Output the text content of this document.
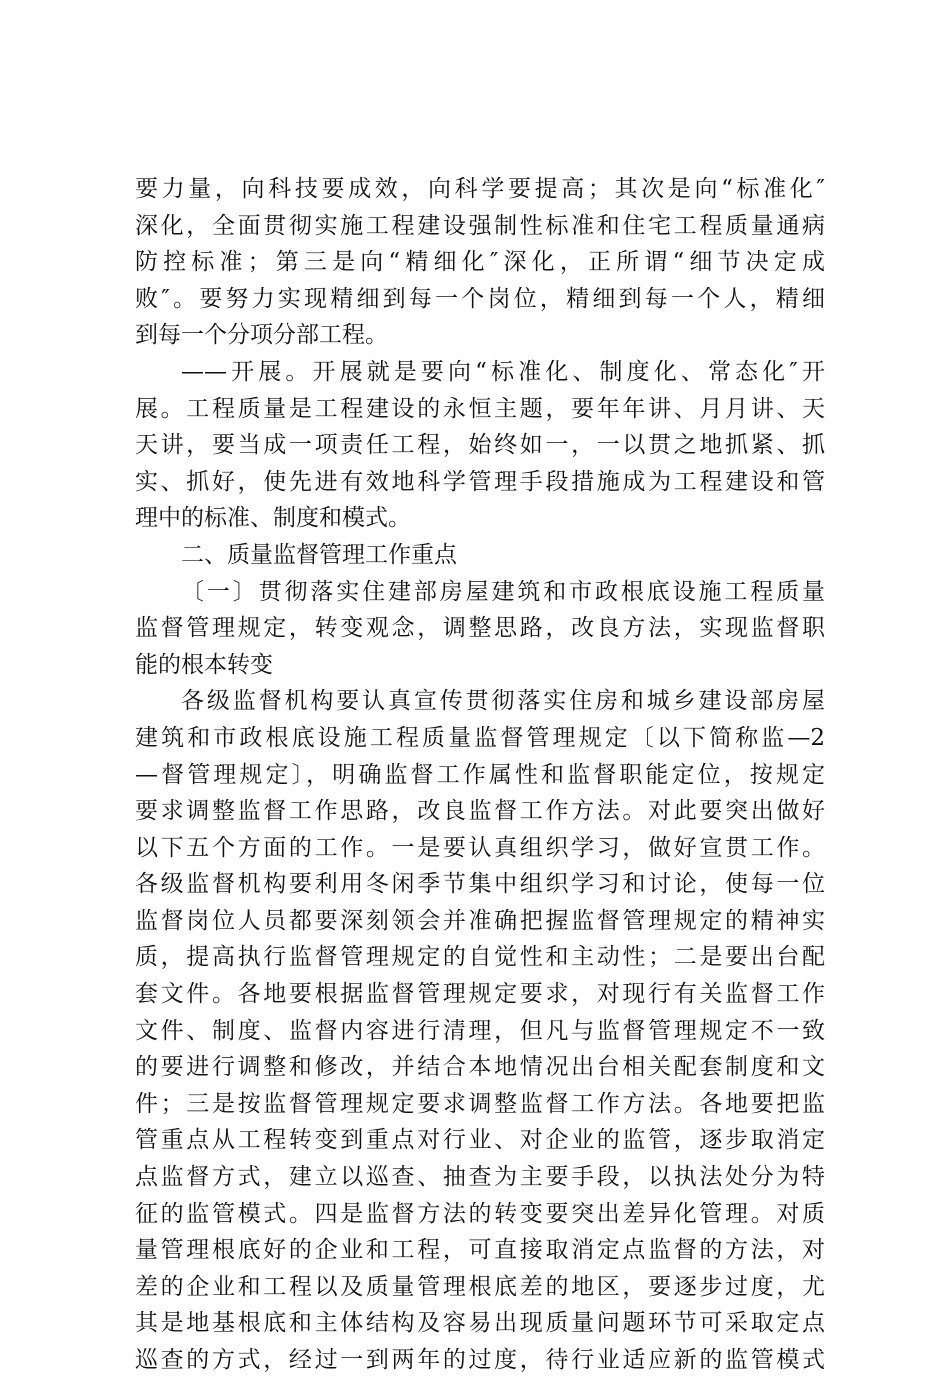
要力量，向科技要成效，向科学要提高；其次是向“标准化″
深化，全面贯彻实施工程建设强制性标准和住宅工程质量通病
防控标准；第三是向“精细化″深化，正所谓“细节决定成
败″。要努力实现精细到每一个岗位，精细到每一个人，精细
到每一个分项分部工程。
——开展。开展就是要向“标准化、制度化、常态化″开
展。工程质量是工程建设的永恒主题，要年年讲、月月讲、天
天讲，要当成一项责任工程，始终如一，一以贯之地抓紧、抓
实、抓好，使先进有效地科学管理手段措施成为工程建设和管
理中的标准、制度和模式。
二、质量监督管理工作重点
〔一〕贯彻落实住建部房屋建筑和市政根底设施工程质量
监督管理规定，转变观念，调整思路，改良方法，实现监督职
能的根本转变
各级监督机构要认真宣传贯彻落实住房和城乡建设部房屋
建筑和市政根底设施工程质量监督管理规定〔以下简称监—2
—督管理规定〕，明确监督工作属性和监督职能定位，按规定
要求调整监督工作思路，改良监督工作方法。对此要突出做好
以下五个方面的工作。一是要认真组织学习，做好宣贯工作。
各级监督机构要利用冬闲季节集中组织学习和讨论，使每一位
监督岗位人员都要深刻领会并准确把握监督管理规定的精神实
质，提高执行监督管理规定的自觉性和主动性；二是要出台配
套文件。各地要根据监督管理规定要求，对现行有关监督工作
文件、制度、监督内容进行清理，但凡与监督管理规定不一致
的要进行调整和修改，并结合本地情况出台相关配套制度和文
件；三是按监督管理规定要求调整监督工作方法。各地要把监
管重点从工程转变到重点对行业、对企业的监管，逐步取消定
点监督方式，建立以巡查、抽查为主要手段，以执法处分为特
征的监管模式。四是监督方法的转变要突出差异化管理。对质
量管理根底好的企业和工程，可直接取消定点监督的方法，对
差的企业和工程以及质量管理根底差的地区，要逐步过度，尤
其是地基根底和主体结构及容易出现质量问题环节可采取定点
巡查的方式，经过一到两年的过度，待行业适应新的监管模式
